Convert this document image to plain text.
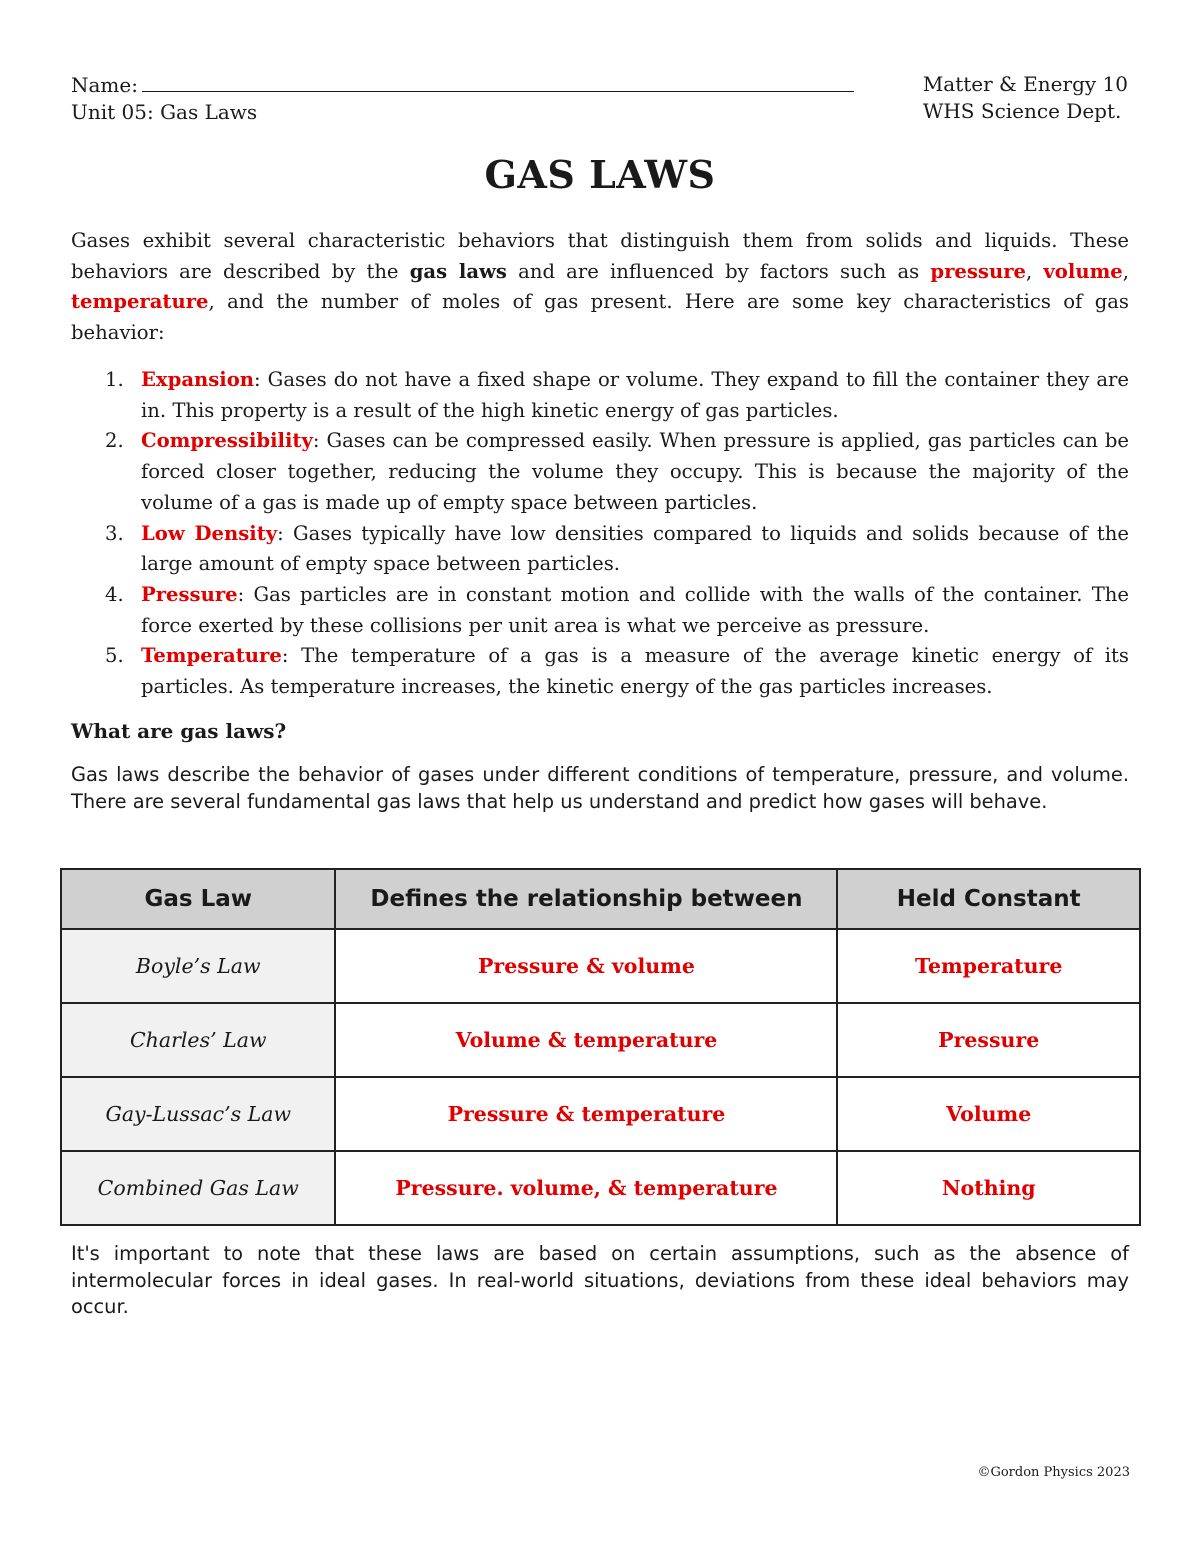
Name:
Unit 05: Gas Laws
Matter & Energy 10
WHS Science Dept.
GAS LAWS
Gases exhibit several characteristic behaviors that distinguish them from solids and liquids. These behaviors are described by the gas laws and are influenced by factors such as pressure, volume, temperature, and the number of moles of gas present. Here are some key characteristics of gas behavior:
1. Expansion: Gases do not have a fixed shape or volume. They expand to fill the container they are in. This property is a result of the high kinetic energy of gas particles.
2. Compressibility: Gases can be compressed easily. When pressure is applied, gas particles can be forced closer together, reducing the volume they occupy. This is because the majority of the volume of a gas is made up of empty space between particles.
3. Low Density: Gases typically have low densities compared to liquids and solids because of the large amount of empty space between particles.
4. Pressure: Gas particles are in constant motion and collide with the walls of the container. The force exerted by these collisions per unit area is what we perceive as pressure.
5. Temperature: The temperature of a gas is a measure of the average kinetic energy of its particles. As temperature increases, the kinetic energy of the gas particles increases.
What are gas laws?
Gas laws describe the behavior of gases under different conditions of temperature, pressure, and volume. There are several fundamental gas laws that help us understand and predict how gases will behave.
Gas Law	Defines the relationship between	Held Constant
Boyle’s Law	Pressure & volume	Temperature
Charles’ Law	Volume & temperature	Pressure
Gay-Lussac’s Law	Pressure & temperature	Volume
Combined Gas Law	Pressure. volume, & temperature	Nothing
It's important to note that these laws are based on certain assumptions, such as the absence of intermolecular forces in ideal gases. In real-world situations, deviations from these ideal behaviors may occur.
©Gordon Physics 2023
